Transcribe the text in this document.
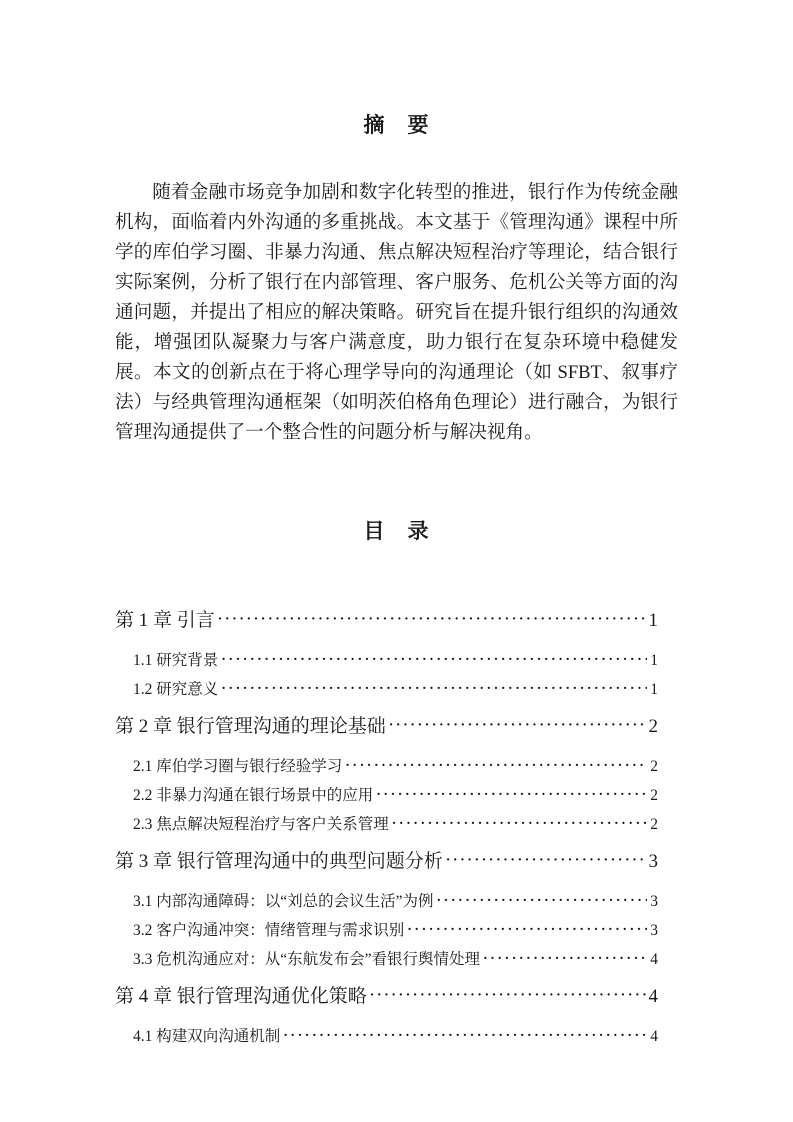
摘　要

随着金融市场竞争加剧和数字化转型的推进，银行作为传统金融机构，面临着内外沟通的多重挑战。本文基于《管理沟通》课程中所学的库伯学习圈、非暴力沟通、焦点解决短程治疗等理论，结合银行实际案例，分析了银行在内部管理、客户服务、危机公关等方面的沟通问题，并提出了相应的解决策略。研究旨在提升银行组织的沟通效能，增强团队凝聚力与客户满意度，助力银行在复杂环境中稳健发展。本文的创新点在于将心理学导向的沟通理论（如 SFBT、叙事疗法）与经典管理沟通框架（如明茨伯格角色理论）进行融合，为银行管理沟通提供了一个整合性的问题分析与解决视角。

目　录
第 1 章 引言 ·····	1
1.1 研究背景 ·····	1
1.2 研究意义 ·····	1
第 2 章 银行管理沟通的理论基础 ·····	2
2.1 库伯学习圈与银行经验学习 ·····	2
2.2 非暴力沟通在银行场景中的应用 ·····	2
2.3 焦点解决短程治疗与客户关系管理 ·····	2
第 3 章 银行管理沟通中的典型问题分析 ·····	3
3.1 内部沟通障碍：以“刘总的会议生活”为例 ·····	3
3.2 客户沟通冲突：情绪管理与需求识别 ·····	3
3.3 危机沟通应对：从“东航发布会”看银行舆情处理 ·····	4
第 4 章 银行管理沟通优化策略 ·····	4
4.1 构建双向沟通机制 ·····	4
